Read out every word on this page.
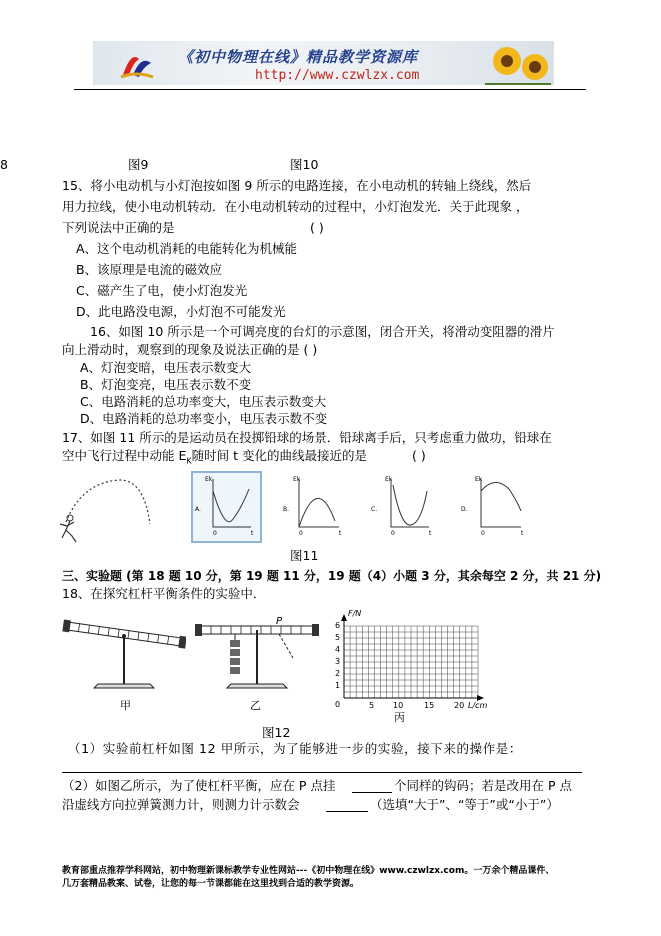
《初中物理在线》精品教学资源库
http://www.czwlzx.com
8	图9	图10
15、将小电动机与小灯泡按如图 9 所示的电路连接，在小电动机的转轴上绕线，然后
用力拉线，使小电动机转动．在小电动机转动的过程中，小灯泡发光．关于此现象 ，
下列说法中正确的是	( )
A、这个电动机消耗的电能转化为机械能
B、该原理是电流的磁效应
C、磁产生了电，使小灯泡发光
D、此电路没电源，小灯泡不可能发光
16、如图 10 所示是一个可调亮度的台灯的示意图，闭合开关，将滑动变阻器的滑片
向上滑动时，观察到的现象及说法正确的是 ( )
A、灯泡变暗，电压表示数变大
B、灯泡变亮，电压表示数不变
C、电路消耗的总功率变大，电压表示数变大
D、电路消耗的总功率变小，电压表示数不变
17、如图 11 所示的是运动员在投掷铅球的场景．铅球离手后，只考虑重力做功，铅球在
空中飞行过程中动能 $E_K$随时间 t 变化的曲线最接近的是	( )
A.
Ek
0	t
B.
Ek
0	t
C.
Ek
0	t
D.
Ek
0	t
图11
三、实验题 (第 18 题 10 分，第 19 题 11 分，19 题（4）小题 3 分，其余每空 2 分，共 21 分)
18、在探究杠杆平衡条件的实验中．
甲
P
乙
F/N
L/cm
0
1
2
3
4
5
6
5 10	15 20
丙
图12
（1）实验前杠杆如图 12 甲所示，为了能够进一步的实验，接下来的操作是：
（2）如图乙所示，为了使杠杆平衡，应在 P 点挂	个同样的钩码；若是改用在 P 点
沿虚线方向拉弹簧测力计，则测力计示数会	（选填“大于”、“等于”或“小于”）
教育部重点推荐学科网站，初中物理新课标教学专业性网站---《初中物理在线》www.czwlzx.com。一万余个精品课件、
几万套精品教案、试卷，让您的每一节课都能在这里找到合适的教学资源。
